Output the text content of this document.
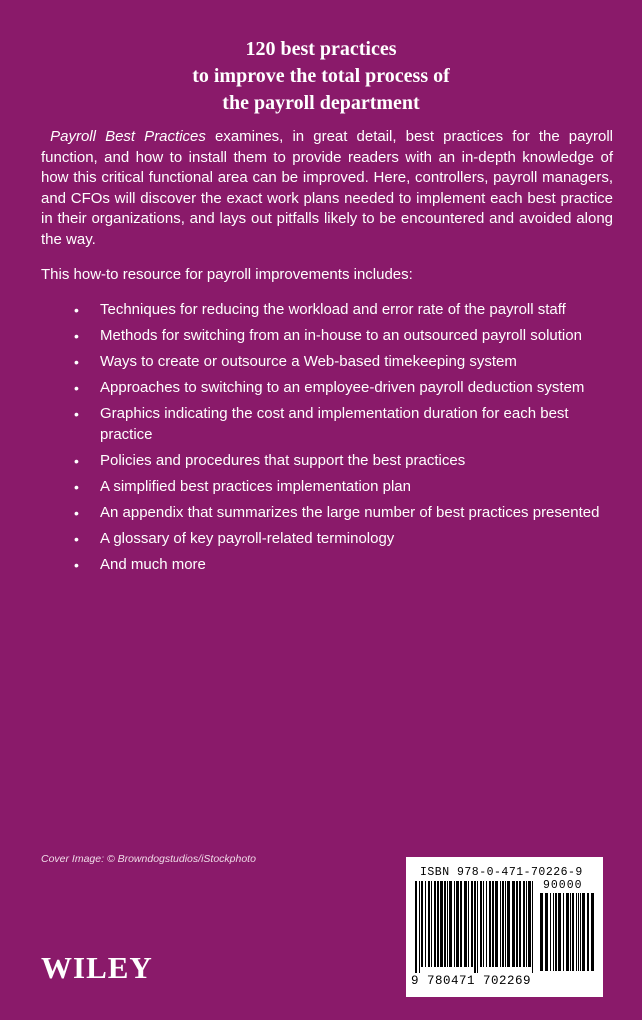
120 best practices
to improve the total process of
the payroll department

Payroll Best Practices examines, in great detail, best practices for the payroll function, and how to install them to provide readers with an in-depth knowledge of how this critical functional area can be improved. Here, controllers, payroll managers, and CFOs will discover the exact work plans needed to implement each best practice in their organizations, and lays out pitfalls likely to be encountered and avoided along the way.

This how-to resource for payroll improvements includes:

• Techniques for reducing the workload and error rate of the payroll staff
• Methods for switching from an in-house to an outsourced payroll solution
• Ways to create or outsource a Web-based timekeeping system
• Approaches to switching to an employee-driven payroll deduction system
• Graphics indicating the cost and implementation duration for each best practice
• Policies and procedures that support the best practices
• A simplified best practices implementation plan
• An appendix that summarizes the large number of best practices presented
• A glossary of key payroll-related terminology
• And much more
Cover Image: © Browndogstudios/iStockphoto
WILEY
ISBN 978-0-471-70226-9
90000
9 780471 702269
